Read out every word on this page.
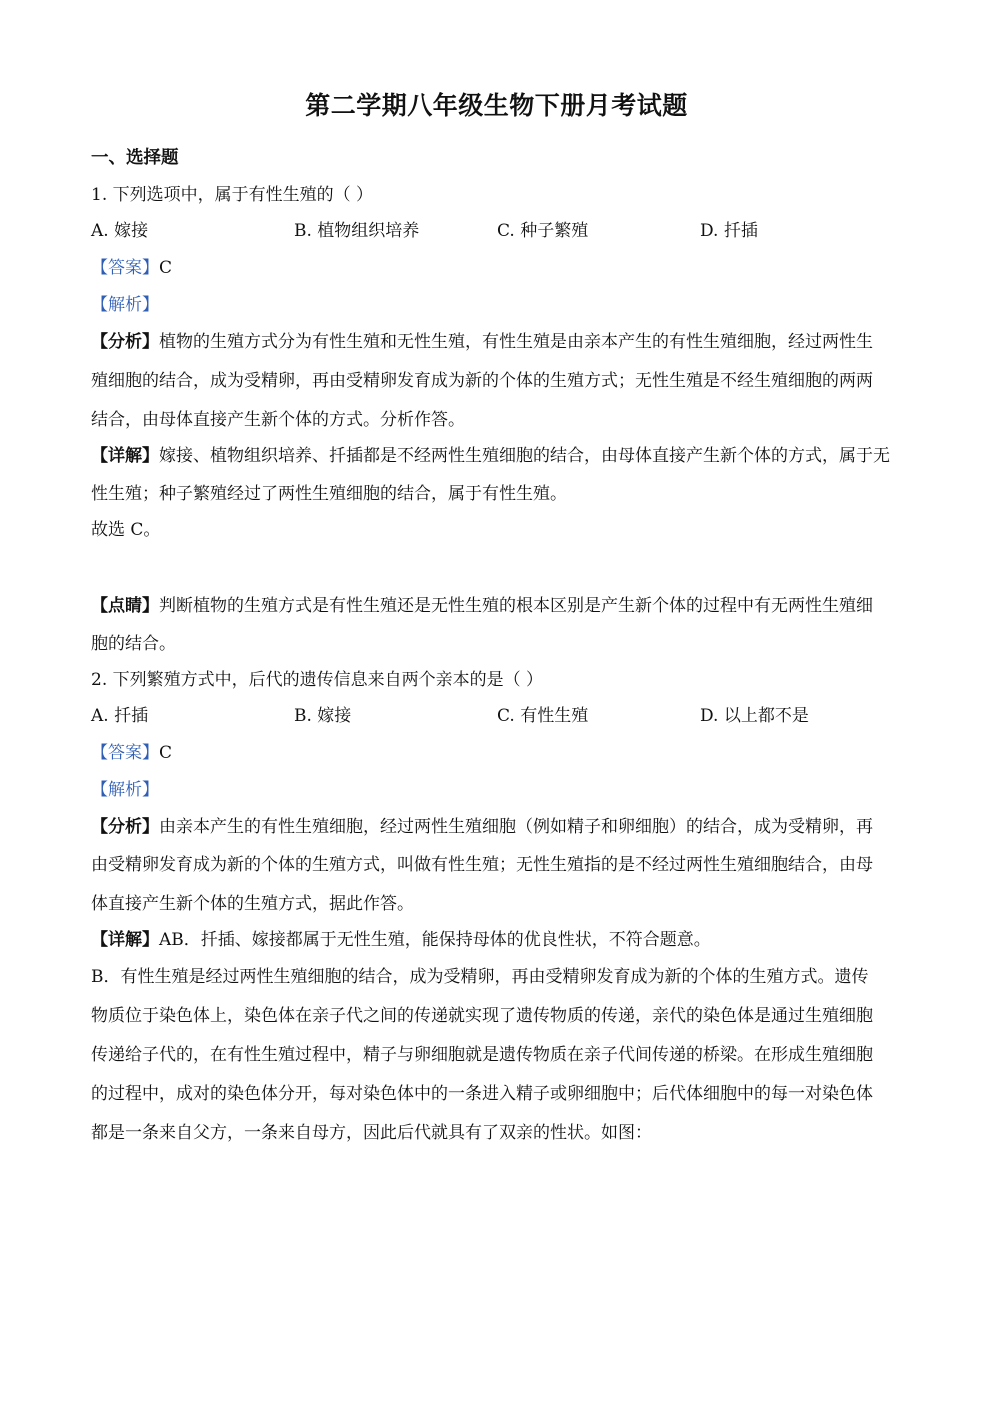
第二学期八年级生物下册月考试题
一、选择题
1. 下列选项中，属于有性生殖的（ ）
A. 嫁接	B. 植物组织培养	C. 种子繁殖	D. 扦插
【答案】C
【解析】
【分析】植物的生殖方式分为有性生殖和无性生殖，有性生殖是由亲本产生的有性生殖细胞，经过两性生
殖细胞的结合，成为受精卵，再由受精卵发育成为新的个体的生殖方式；无性生殖是不经生殖细胞的两两
结合，由母体直接产生新个体的方式。分析作答。
【详解】嫁接、植物组织培养、扦插都是不经两性生殖细胞的结合，由母体直接产生新个体的方式，属于无
性生殖；种子繁殖经过了两性生殖细胞的结合，属于有性生殖。
故选 C。
【点睛】判断植物的生殖方式是有性生殖还是无性生殖的根本区别是产生新个体的过程中有无两性生殖细
胞的结合。
2. 下列繁殖方式中，后代的遗传信息来自两个亲本的是（ ）
A. 扦插	B. 嫁接	C. 有性生殖	D. 以上都不是
【答案】C
【解析】
【分析】由亲本产生的有性生殖细胞，经过两性生殖细胞（例如精子和卵细胞）的结合，成为受精卵，再
由受精卵发育成为新的个体的生殖方式，叫做有性生殖；无性生殖指的是不经过两性生殖细胞结合，由母
体直接产生新个体的生殖方式，据此作答。
【详解】AB．扦插、嫁接都属于无性生殖，能保持母体的优良性状，不符合题意。
B．有性生殖是经过两性生殖细胞的结合，成为受精卵，再由受精卵发育成为新的个体的生殖方式。遗传
物质位于染色体上，染色体在亲子代之间的传递就实现了遗传物质的传递，亲代的染色体是通过生殖细胞
传递给子代的，在有性生殖过程中，精子与卵细胞就是遗传物质在亲子代间传递的桥梁。在形成生殖细胞
的过程中，成对的染色体分开，每对染色体中的一条进入精子或卵细胞中；后代体细胞中的每一对染色体
都是一条来自父方，一条来自母方，因此后代就具有了双亲的性状。如图：
